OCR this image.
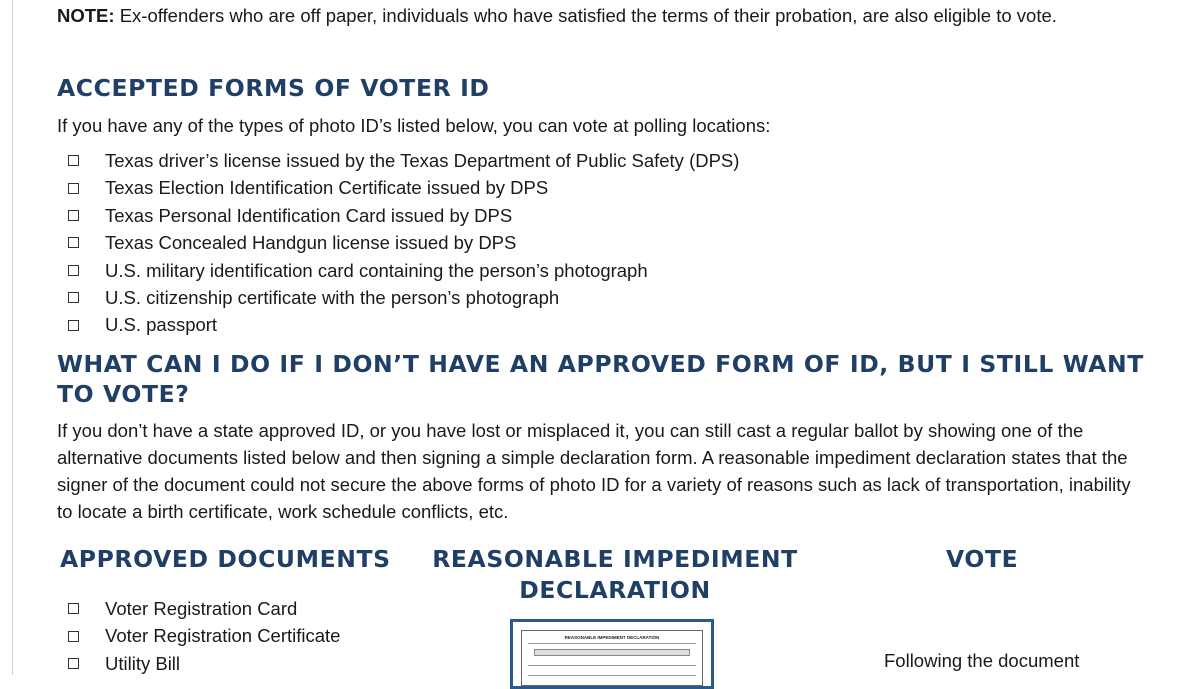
NOTE: Ex-offenders who are off paper, individuals who have satisfied the terms of their probation, are also eligible to vote.

ACCEPTED FORMS OF VOTER ID

If you have any of the types of photo ID’s listed below, you can vote at polling locations:

Texas driver’s license issued by the Texas Department of Public Safety (DPS)
Texas Election Identification Certificate issued by DPS
Texas Personal Identification Card issued by DPS
Texas Concealed Handgun license issued by DPS
U.S. military identification card containing the person’s photograph
U.S. citizenship certificate with the person’s photograph
U.S. passport
WHAT CAN I DO IF I DON’T HAVE AN APPROVED FORM OF ID, BUT I STILL WANT TO VOTE?

If you don’t have a state approved ID, or you have lost or misplaced it, you can still cast a regular ballot by showing one of the alternative documents listed below and then signing a simple declaration form. A reasonable impediment declaration states that the signer of the document could not secure the above forms of photo ID for a variety of reasons such as lack of transportation, inability to locate a birth certificate, work schedule conflicts, etc.

APPROVED DOCUMENTS
Voter Registration Card
Voter Registration Certificate
Utility Bill
REASONABLE IMPEDIMENT
DECLARATION
REASONABLE IMPEDIMENT DECLARATION
VOTE

Following the document
